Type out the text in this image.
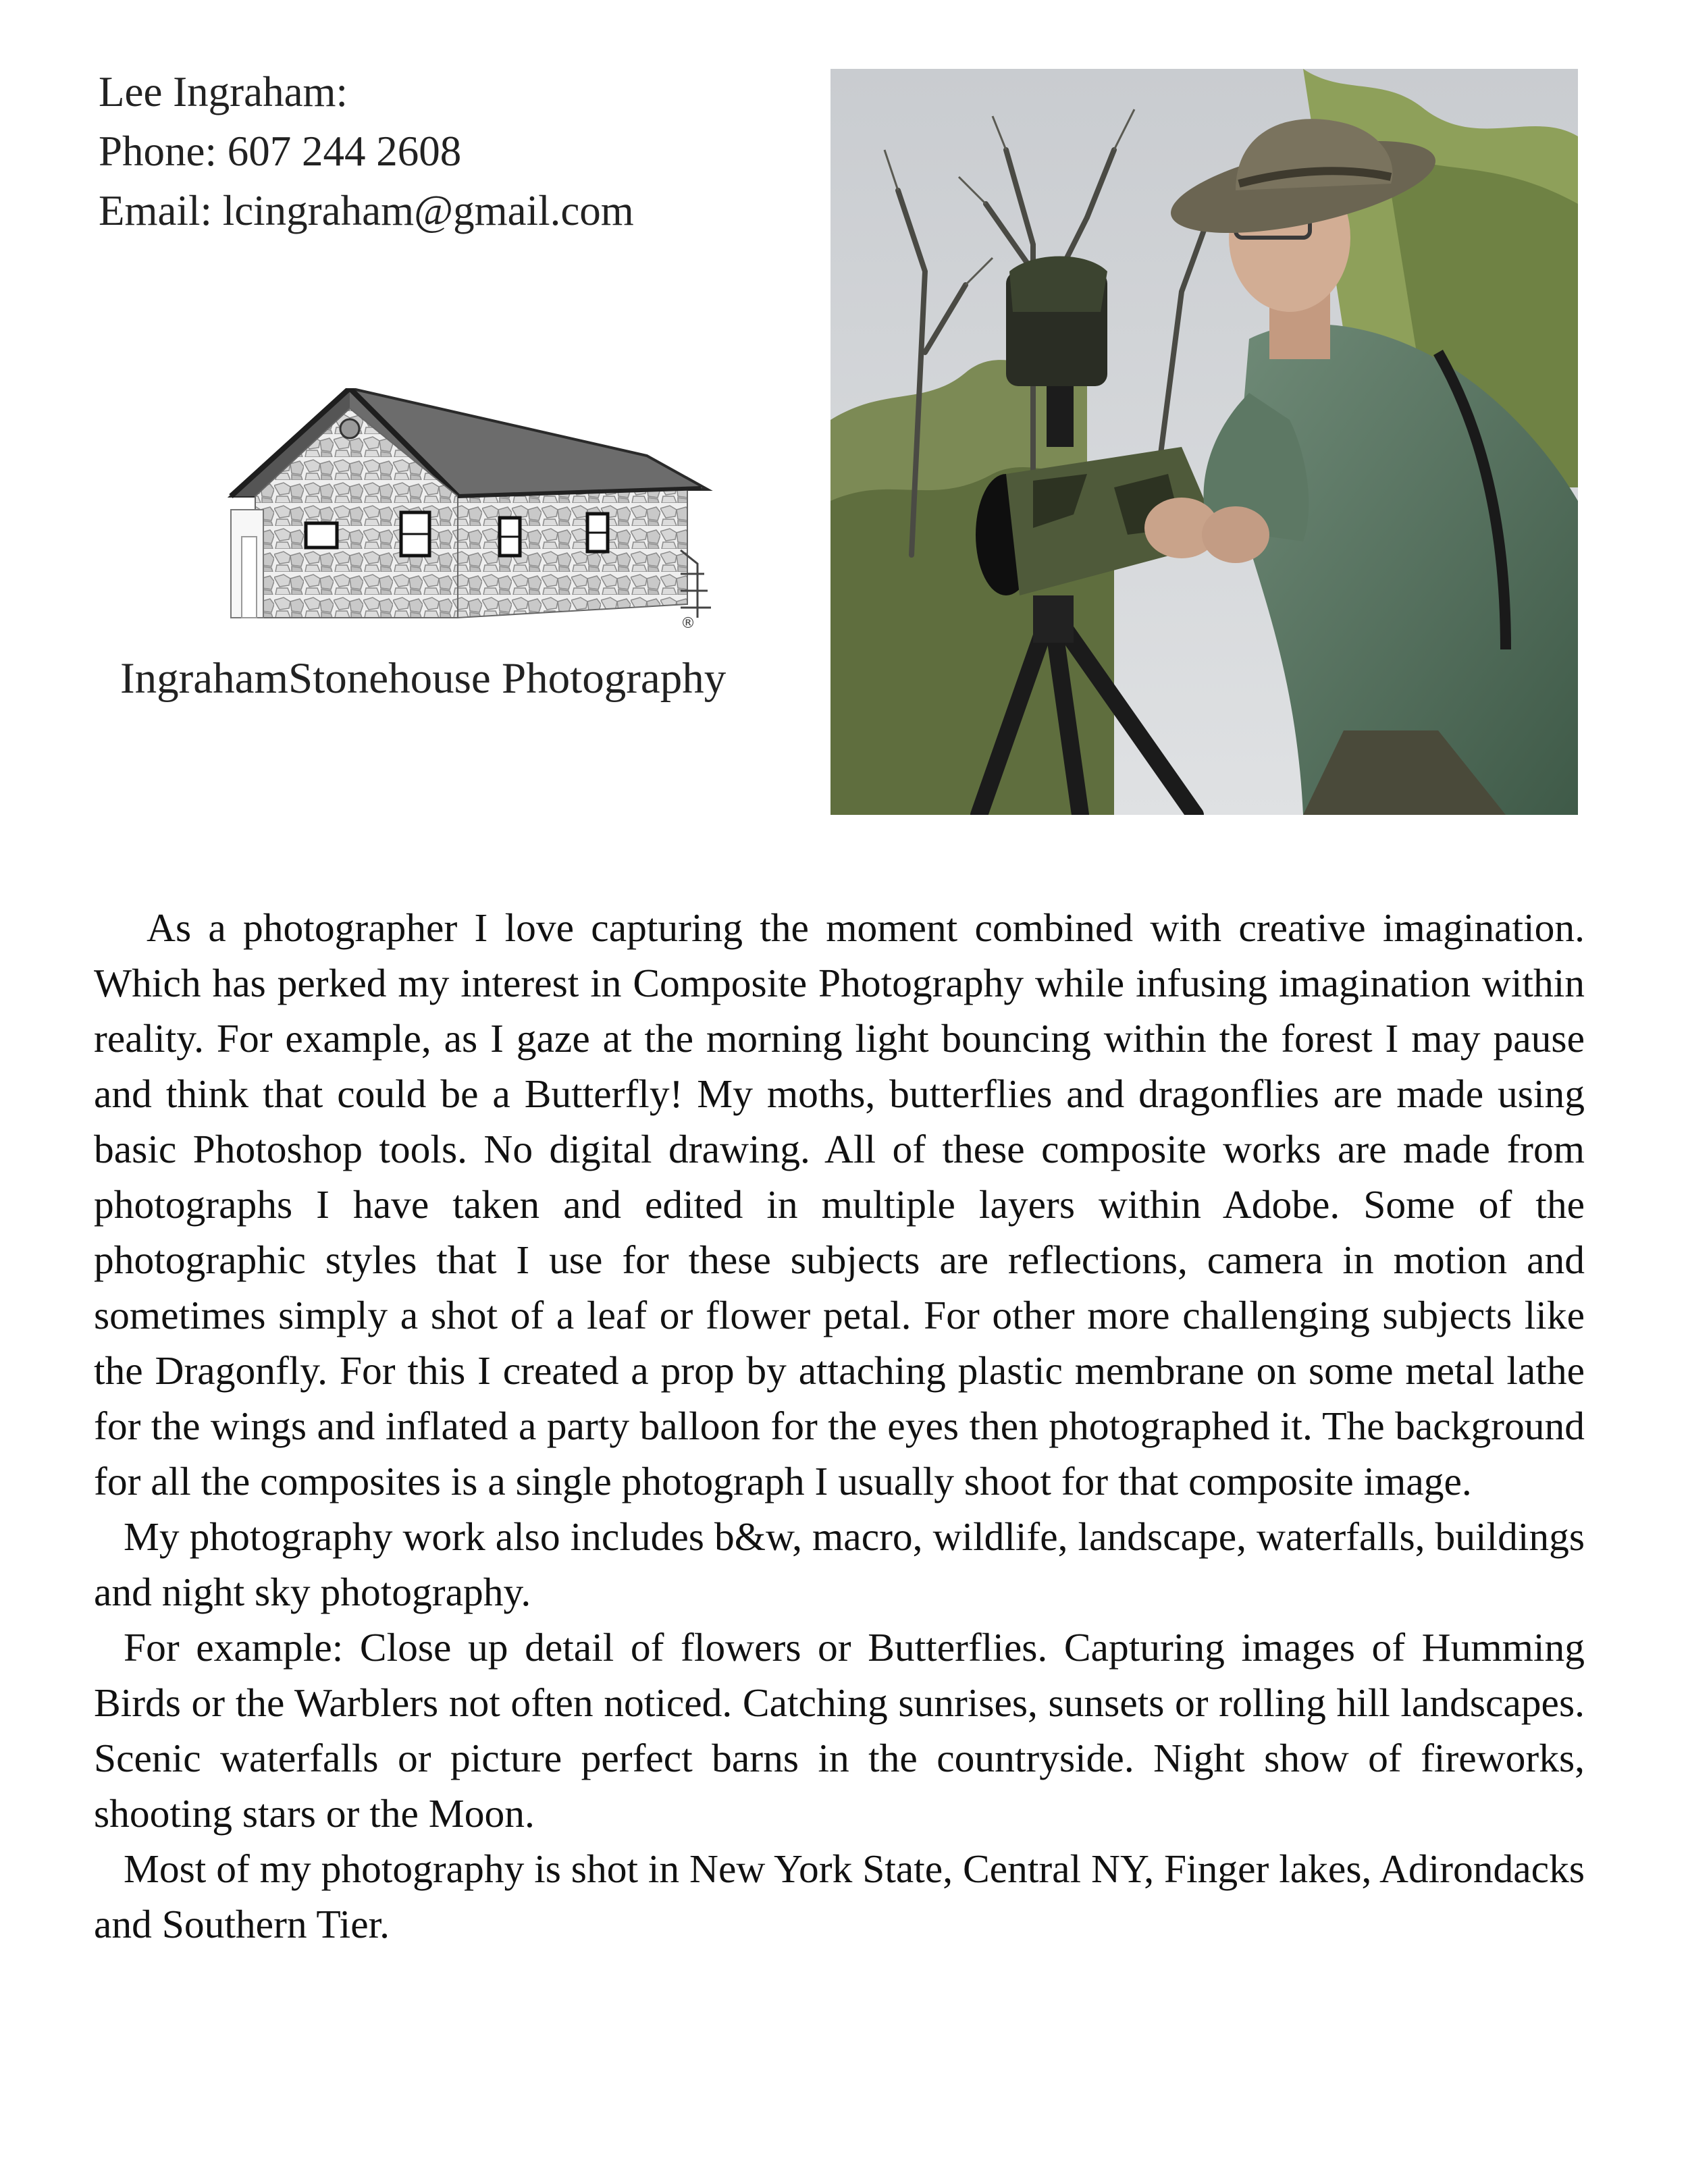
Lee Ingraham:
Phone: 607 244 2608
Email: lcingraham@gmail.com
®
IngrahamStonehouse Photography

As a photographer I love capturing the moment combined with creative imagination. Which has perked my interest in Composite Photography while infusing imagination within reality. For example, as I gaze at the morning light bouncing within the forest I may pause and think that could be a Butterfly! My moths, butterflies and dragonflies are made using basic Photoshop tools. No digital drawing. All of these composite works are made from photographs I have taken and edited in multiple layers within Adobe. Some of the photographic styles that I use for these subjects are reflections, camera in motion and sometimes simply a shot of a leaf or flower petal. For other more challenging subjects like the Dragonfly. For this I created a prop by attaching plastic membrane on some metal lathe for the wings and inflated a party balloon for the eyes then photographed it. The background for all the composites is a single photograph I usually shoot for that composite image.

My photography work also includes b&w, macro, wildlife, landscape, waterfalls, buildings and night sky photography.

For example: Close up detail of flowers or Butterflies. Capturing images of Humming Birds or the Warblers not often noticed. Catching sunrises, sunsets or rolling hill landscapes. Scenic waterfalls or picture perfect barns in the countryside. Night show of fireworks, shooting stars or the Moon.

Most of my photography is shot in New York State, Central NY, Finger lakes, Adirondacks and Southern Tier.
